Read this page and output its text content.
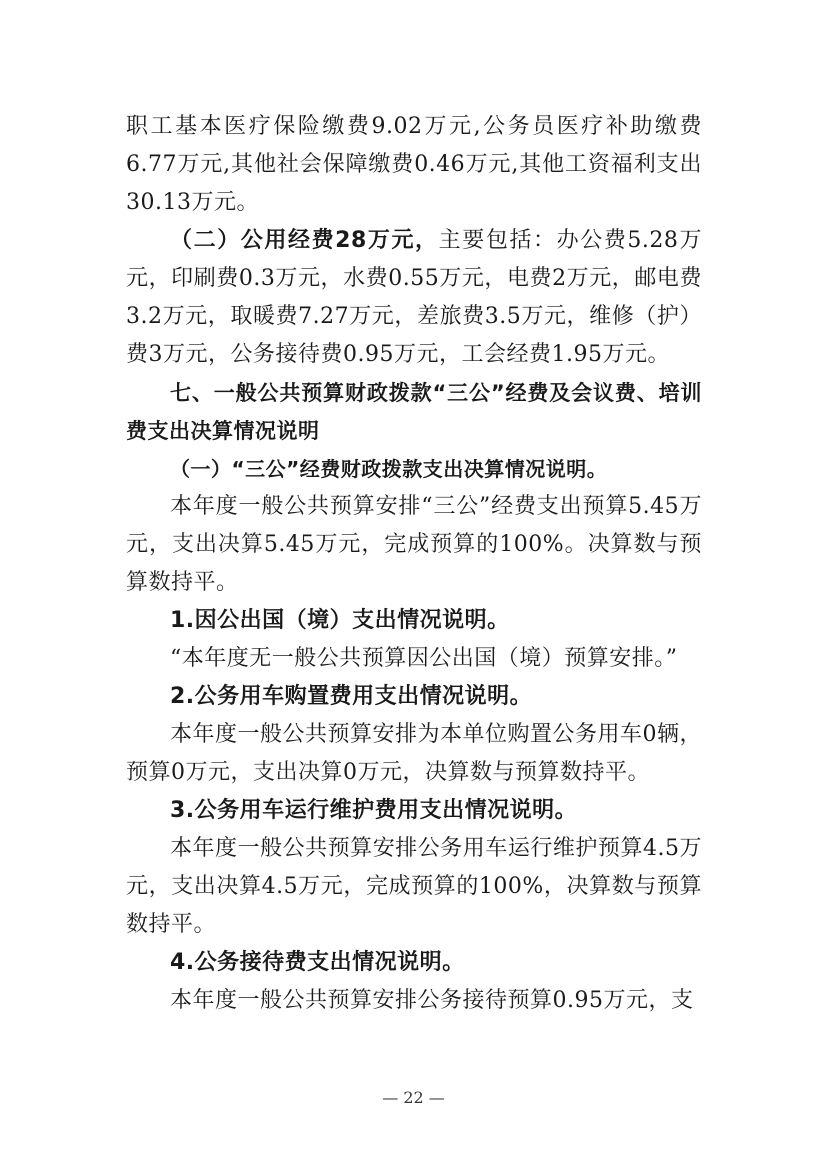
职工基本医疗保险缴费9.02万元,公务员医疗补助缴费6.77万元,其他社会保障缴费0.46万元,其他工资福利支出30.13万元。

（二）公用经费28万元，主要包括：办公费5.28万元，印刷费0.3万元，水费0.55万元，电费2万元，邮电费3.2万元，取暖费7.27万元，差旅费3.5万元，维修（护）费3万元，公务接待费0.95万元，工会经费1.95万元。

七、一般公共预算财政拨款“三公”经费及会议费、培训费支出决算情况说明

（一）“三公”经费财政拨款支出决算情况说明。

本年度一般公共预算安排“三公”经费支出预算5.45万元，支出决算5.45万元，完成预算的100%。决算数与预算数持平。

1.因公出国（境）支出情况说明。

“本年度无一般公共预算因公出国（境）预算安排。”

2.公务用车购置费用支出情况说明。

本年度一般公共预算安排为本单位购置公务用车0辆，预算0万元，支出决算0万元，决算数与预算数持平。

3.公务用车运行维护费用支出情况说明。

本年度一般公共预算安排公务用车运行维护预算4.5万元，支出决算4.5万元，完成预算的100%，决算数与预算数持平。

4.公务接待费支出情况说明。

本年度一般公共预算安排公务接待预算0.95万元，支

— 22 —
